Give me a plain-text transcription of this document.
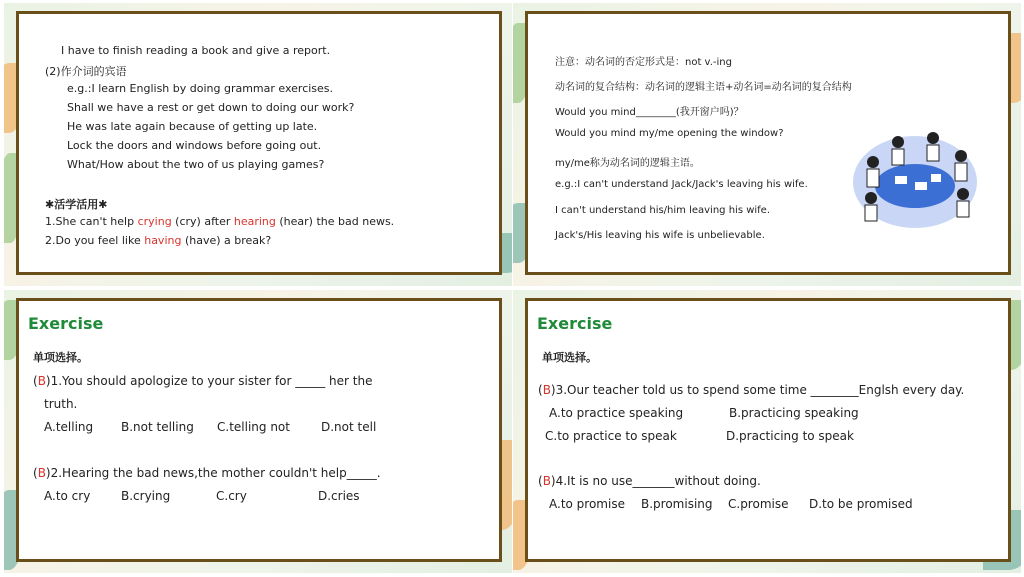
I have to finish reading a book and give a report.
(2)作介词的宾语
e.g.:I learn English by doing grammar exercises.
Shall we have a rest or get down to doing our work?
He was late again because of getting up late.
Lock the doors and windows before going out.
What/How about the two of us playing games?
✱活学活用✱
1.She can't help crying (cry) after hearing (hear) the bad news.
2.Do you feel like having (have) a break?
注意：动名词的否定形式是：not v.-ing
动名词的复合结构：动名词的逻辑主语+动名词=动名词的复合结构
Would you mind________(我开窗户吗)？
Would you mind my/me opening the window?
my/me称为动名词的逻辑主语。
e.g.:I can't understand Jack/Jack's leaving his wife.
I can't understand his/him leaving his wife.
Jack's/His leaving his wife is unbelievable.
Exercise
单项选择。
(B)1.You should apologize to your sister for _____ her the
truth.
A.telling B.not telling C.telling not	D.not tell
(B)2.Hearing the bad news,the mother couldn't help_____.
A.to cry	B.crying	C.cry	D.cries
Exercise
单项选择。
(B)3.Our teacher told us to spend some time ________Englsh every day.
A.to practice speaking	B.practicing speaking
C.to practice to speak	D.practicing to speak
(B)4.It is no use_______without doing.
A.to promise B.promising C.promise D.to be promised
